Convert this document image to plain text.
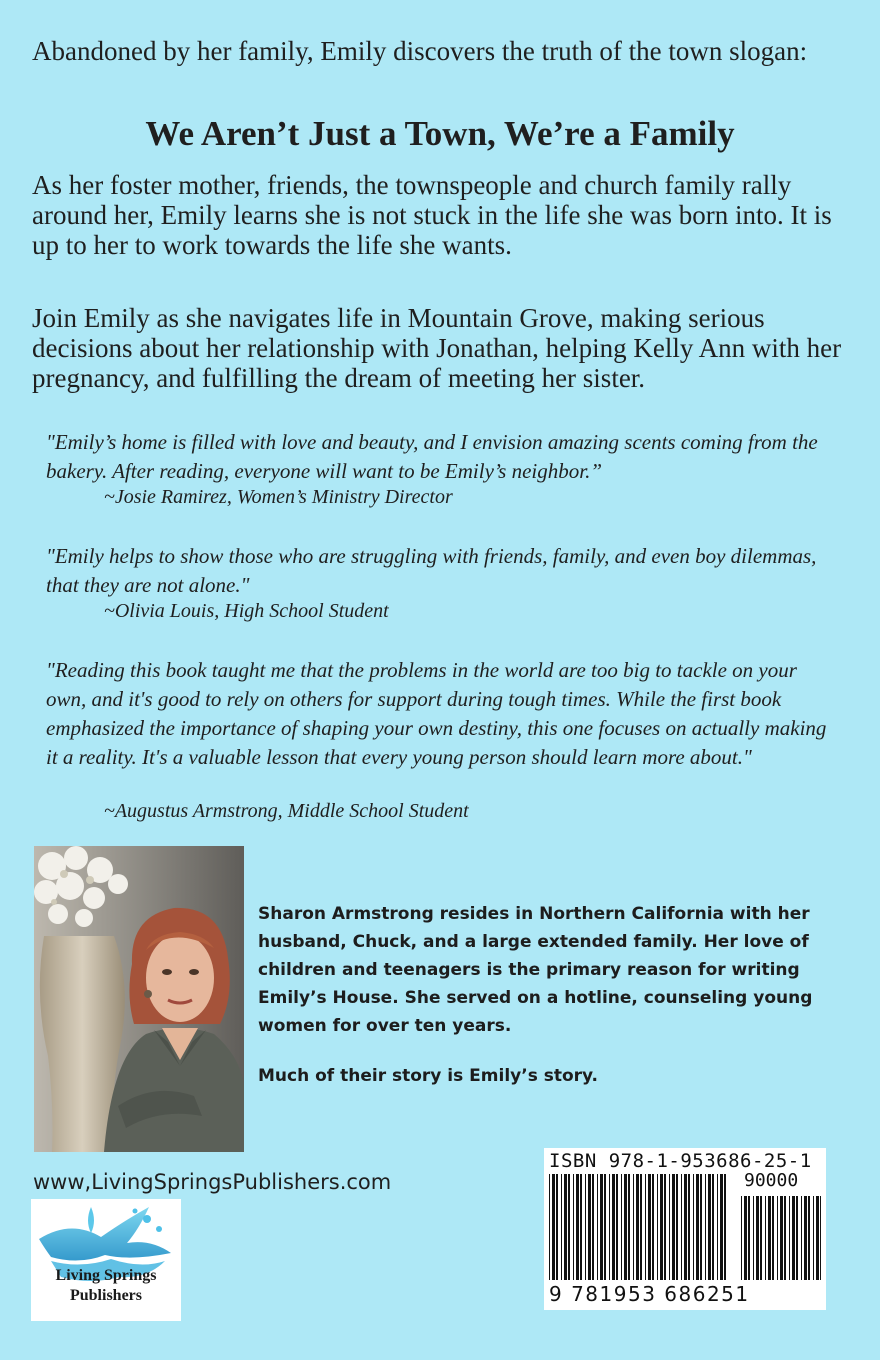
Abandoned by her family, Emily discovers the truth of the town slogan:
We Aren’t Just a Town, We’re a Family
As her foster mother, friends, the townspeople and church family rally around her, Emily learns she is not stuck in the life she was born into. It is up to her to work towards the life she wants.
Join Emily as she navigates life in Mountain Grove, making serious decisions about her relationship with Jonathan, helping Kelly Ann with her pregnancy, and fulfilling the dream of meeting her sister.
"Emily’s home is filled with love and beauty, and I envision amazing scents coming from the bakery. After reading, everyone will want to be Emily’s neighbor.”
~Josie Ramirez, Women’s Ministry Director
"Emily helps to show those who are struggling with friends, family, and even boy dilemmas, that they are not alone."
~Olivia Louis, High School Student
"Reading this book taught me that the problems in the world are too big to tackle on your own, and it's good to rely on others for support during tough times. While the first book emphasized the importance of shaping your own destiny, this one focuses on actually making it a reality. It's a valuable lesson that every young person should learn more about."
~Augustus Armstrong, Middle School Student
Sharon Armstrong resides in Northern California with her husband, Chuck, and a large extended family. Her love of children and teenagers is the primary reason for writing Emily’s House. She served on a hotline, counseling young women for over ten years.
Much of their story is Emily’s story.
www,LivingSpringsPublishers.com
Living Springs
Publishers
ISBN 978-1-953686-25-1
90000
9 781953 686251
